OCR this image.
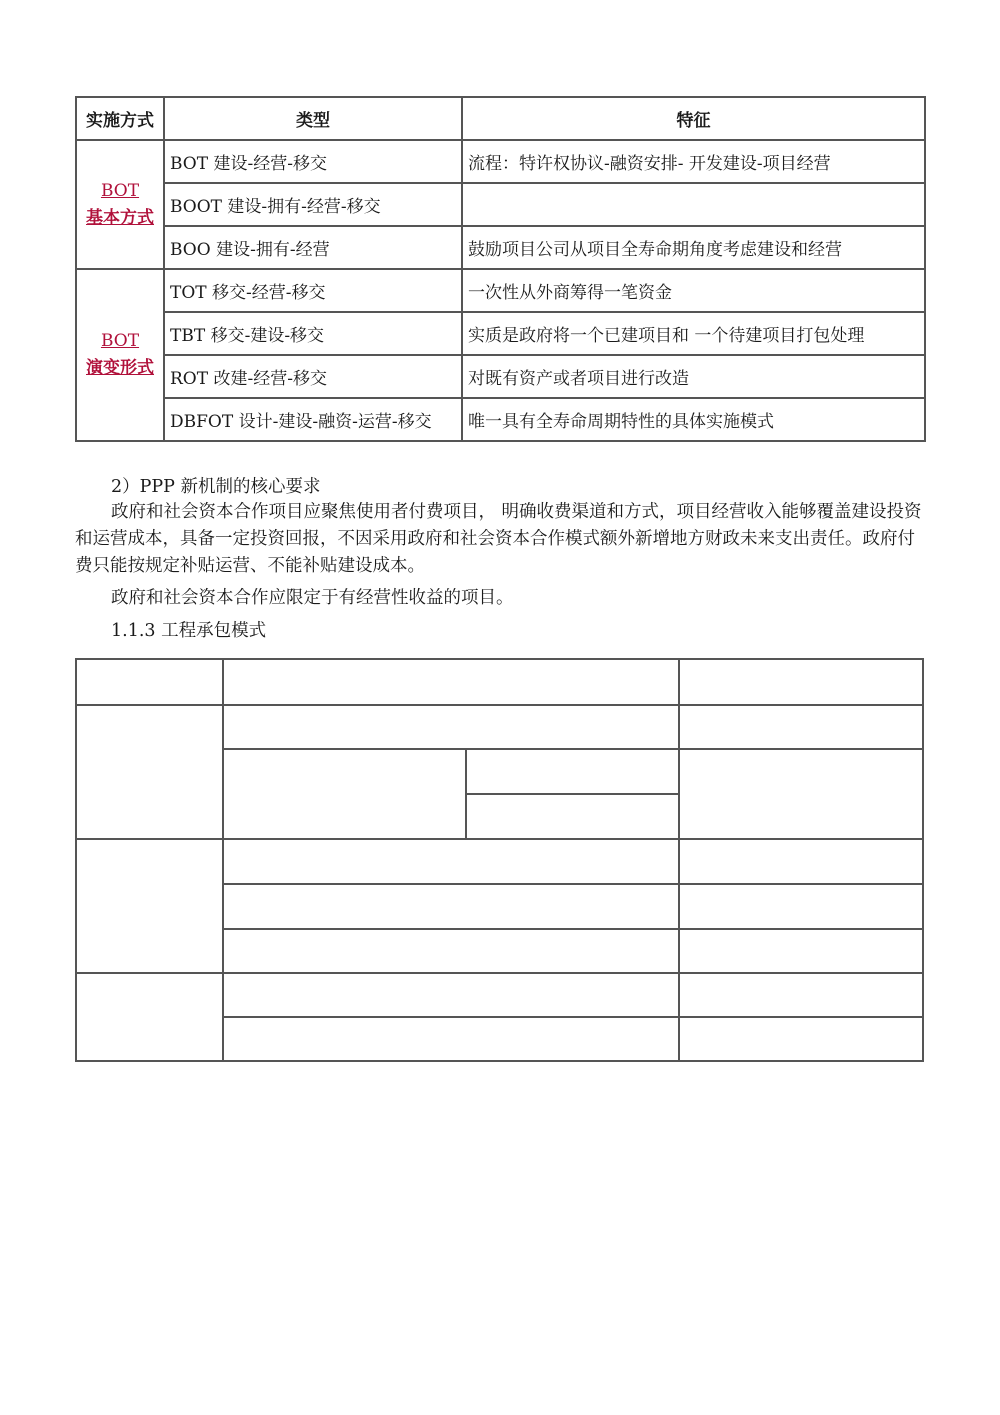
实施方式	类型	特征

BOT
基本方式	BOT 建设-经营-移交	流程：特许权协议-融资安排- 开发建设-项目经营
	BOOT 建设-拥有-经营-移交	
	BOO 建设-拥有-经营	鼓励项目公司从项目全寿命期角度考虑建设和经营

BOT
演变形式	TOT 移交-经营-移交	一次性从外商筹得一笔资金
	TBT 移交-建设-移交	实质是政府将一个已建项目和 一个待建项目打包处理
	ROT 改建-经营-移交	对既有资产或者项目进行改造
	DBFOT 设计-建设-融资-运营-移交	唯一具有全寿命周期特性的具体实施模式
2）PPP 新机制的核心要求
政府和社会资本合作项目应聚焦使用者付费项目， 明确收费渠道和方式，项目经营收入能够覆盖建设投资和运营成本，具备一定投资回报，不因采用政府和社会资本合作模式额外新增地方财政未来支出责任。政府付费只能按规定补贴运营、不能补贴建设成本。
政府和社会资本合作应限定于有经营性收益的项目。
1.1.3 工程承包模式
